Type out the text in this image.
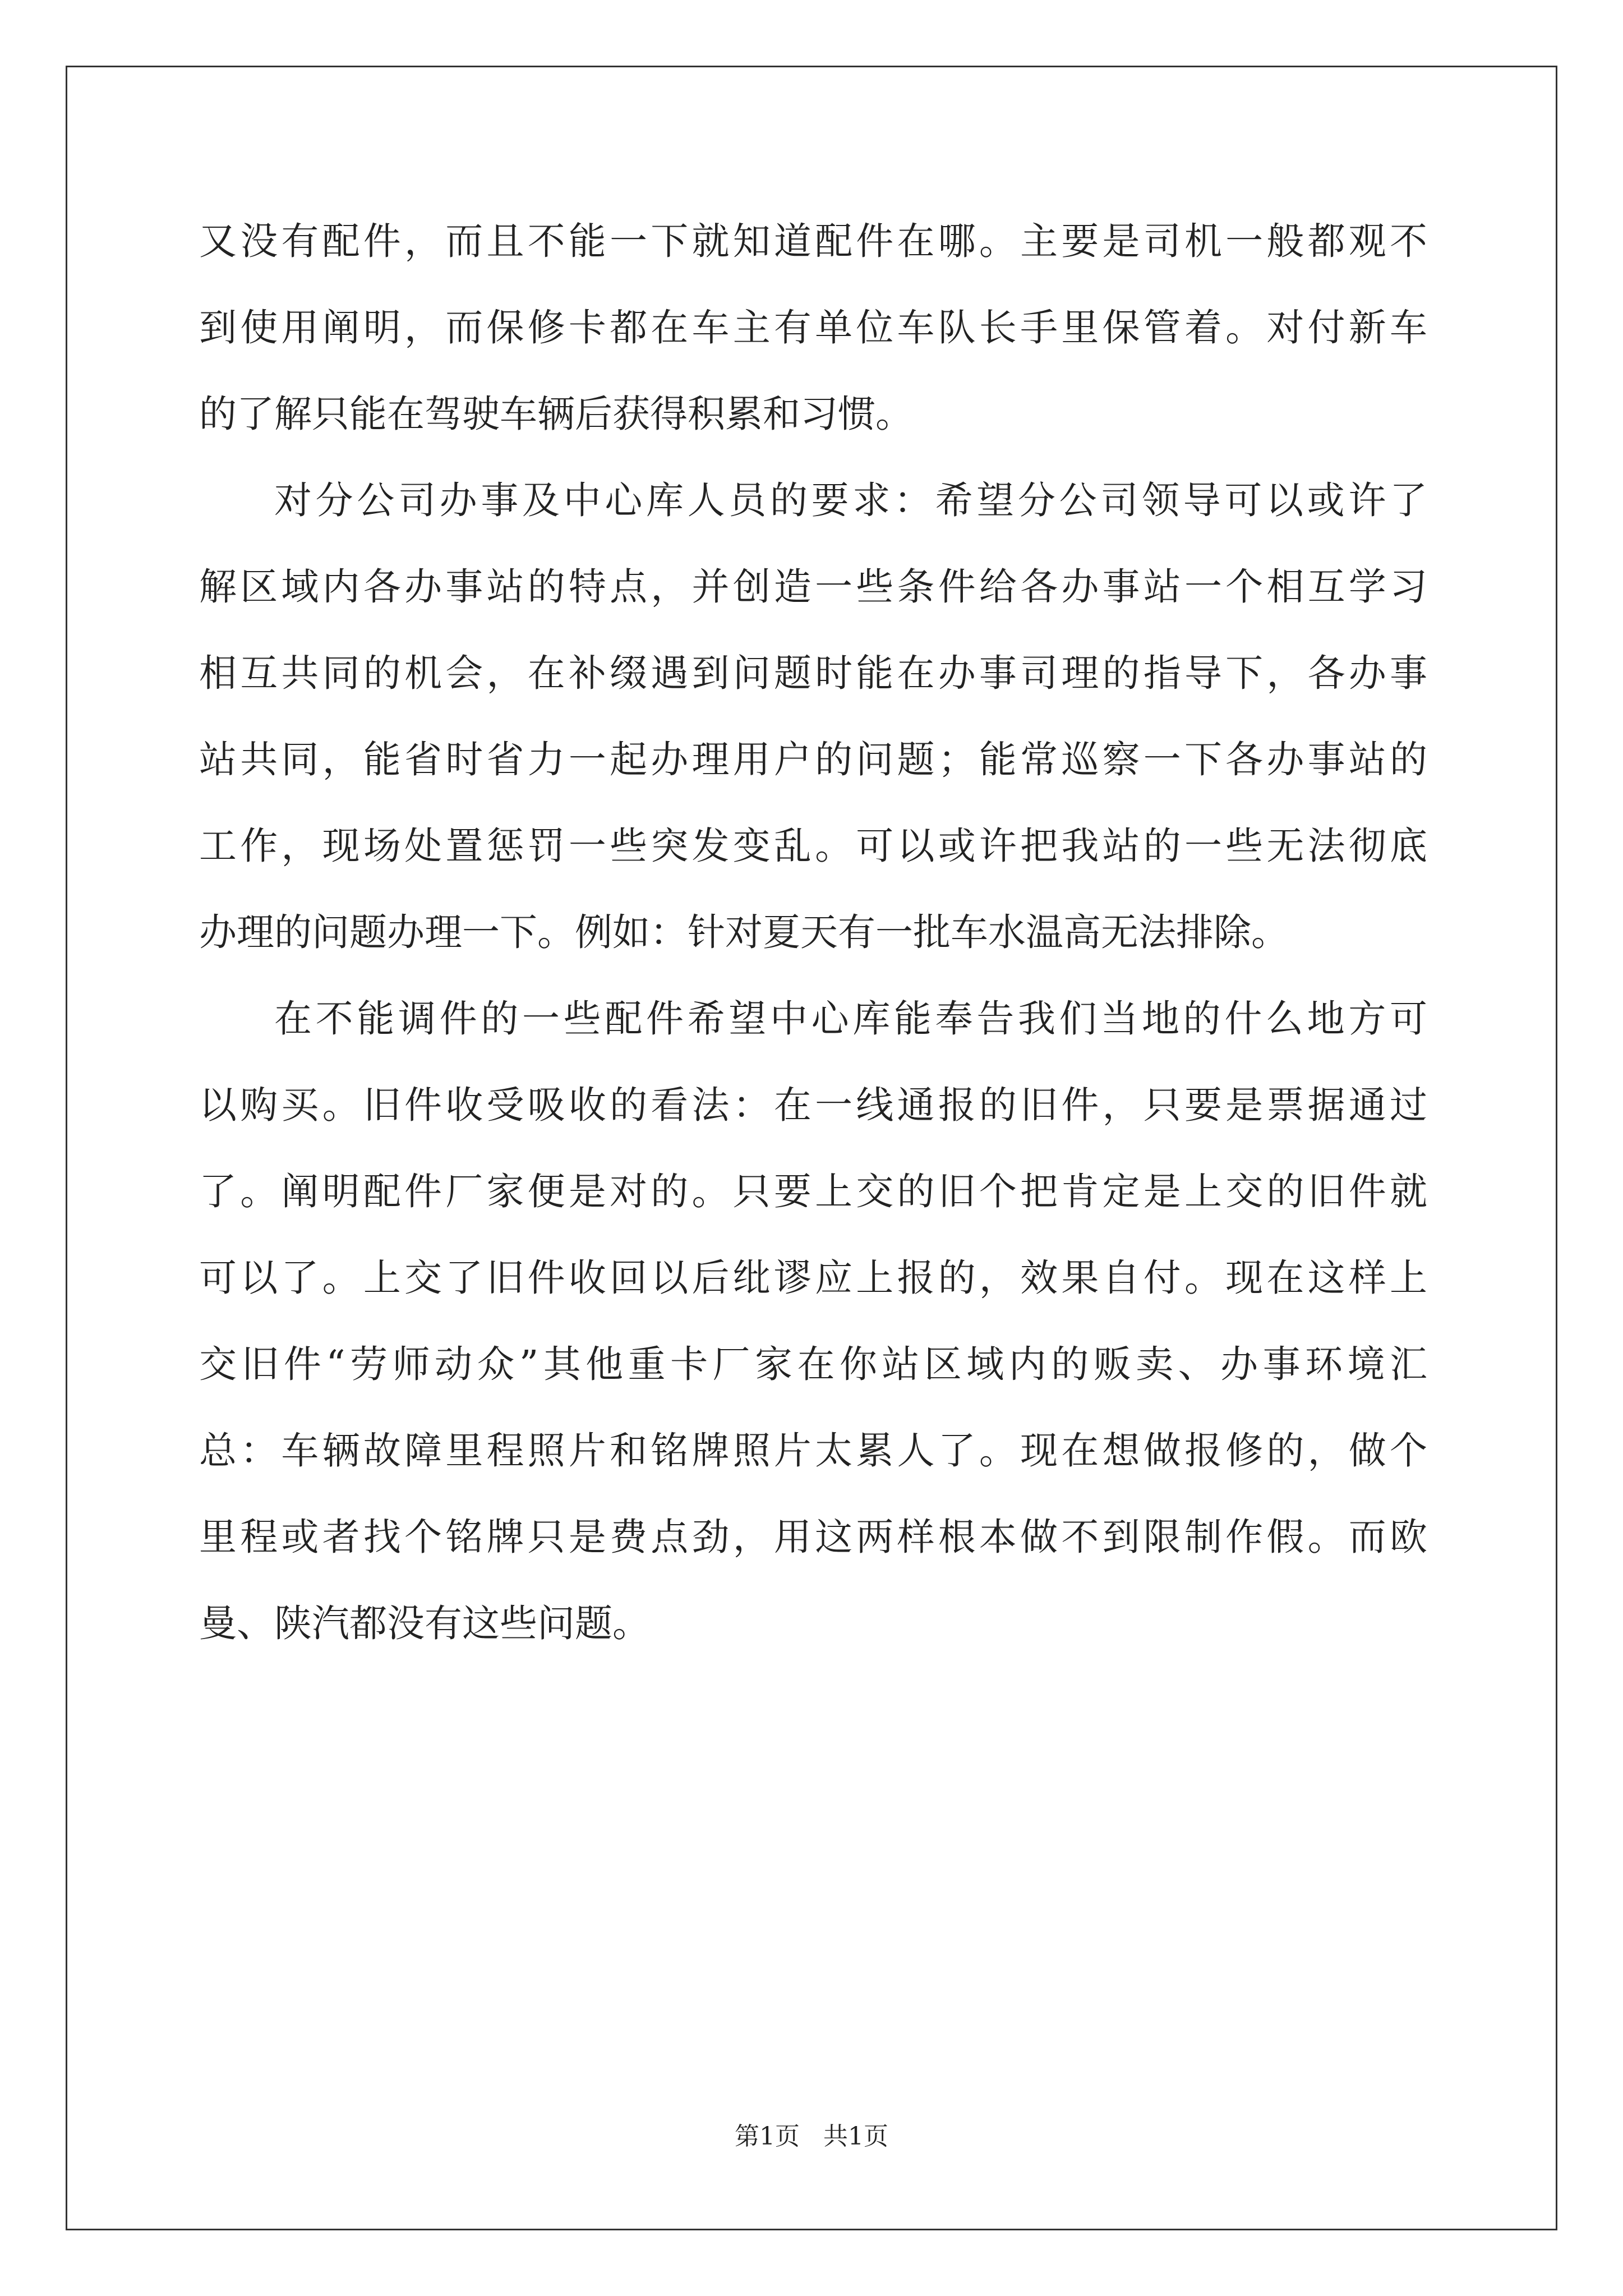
又没有配件，而且不能一下就知道配件在哪。主要是司机一般都观不
到使用阐明，而保修卡都在车主有单位车队长手里保管着。对付新车
的了解只能在驾驶车辆后获得积累和习惯。
对分公司办事及中心库人员的要求：希望分公司领导可以或许了
解区域内各办事站的特点，并创造一些条件给各办事站一个相互学习
相互共同的机会，在补缀遇到问题时能在办事司理的指导下，各办事
站共同，能省时省力一起办理用户的问题；能常巡察一下各办事站的
工作，现场处置惩罚一些突发变乱。可以或许把我站的一些无法彻底
办理的问题办理一下。例如：针对夏天有一批车水温高无法排除。
在不能调件的一些配件希望中心库能奉告我们当地的什么地方可
以购买。旧件收受吸收的看法：在一线通报的旧件，只要是票据通过
了。阐明配件厂家便是对的。只要上交的旧个把肯定是上交的旧件就
可以了。上交了旧件收回以后纰谬应上报的，效果自付。现在这样上
交旧件“劳师动众”其他重卡厂家在你站区域内的贩卖、办事环境汇
总：车辆故障里程照片和铭牌照片太累人了。现在想做报修的，做个
里程或者找个铭牌只是费点劲，用这两样根本做不到限制作假。而欧
曼、陕汽都没有这些问题。
第1页   共1页
